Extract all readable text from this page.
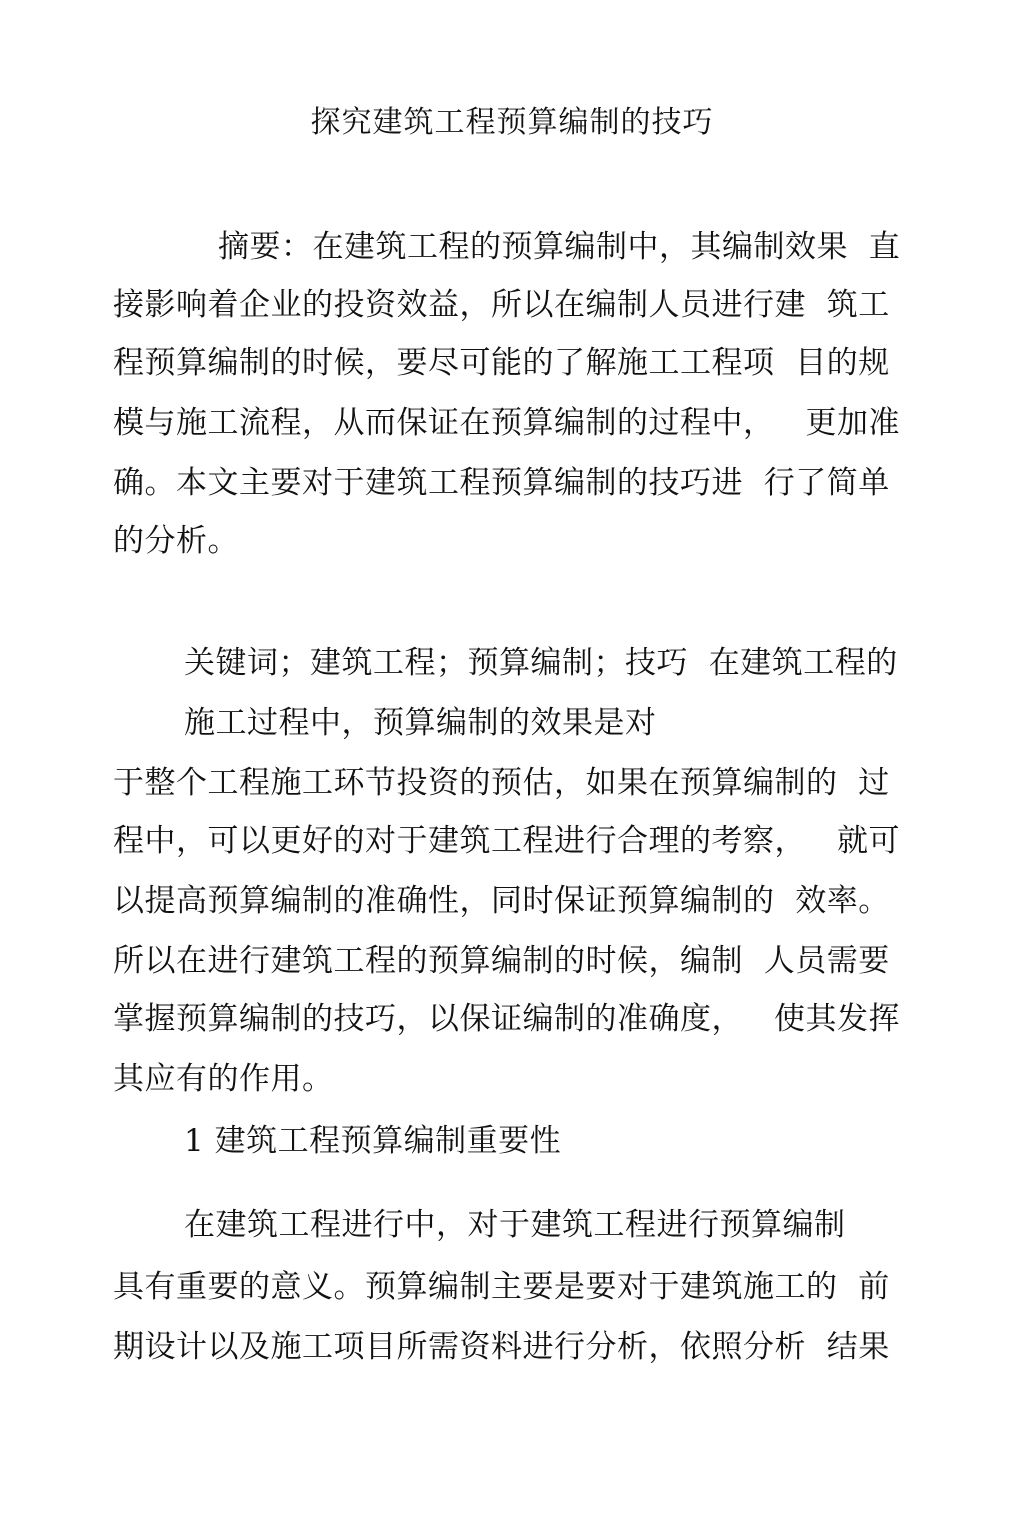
探究建筑工程预算编制的技巧
摘要：在建筑工程的预算编制中，其编制效果  直
接影响着企业的投资效益，所以在编制人员进行建  筑工
程预算编制的时候，要尽可能的了解施工工程项  目的规
模与施工流程，从而保证在预算编制的过程中，   更加准
确。本文主要对于建筑工程预算编制的技巧进  行了简单
的分析。
关键词；建筑工程；预算编制；技巧  在建筑工程的
施工过程中，预算编制的效果是对
于整个工程施工环节投资的预估，如果在预算编制的  过
程中，可以更好的对于建筑工程进行合理的考察，   就可
以提高预算编制的准确性，同时保证预算编制的  效率。
所以在进行建筑工程的预算编制的时候，编制  人员需要
掌握预算编制的技巧，以保证编制的准确度，   使其发挥
其应有的作用。
1 建筑工程预算编制重要性
在建筑工程进行中，对于建筑工程进行预算编制
具有重要的意义。预算编制主要是要对于建筑施工的  前
期设计以及施工项目所需资料进行分析，依照分析  结果
